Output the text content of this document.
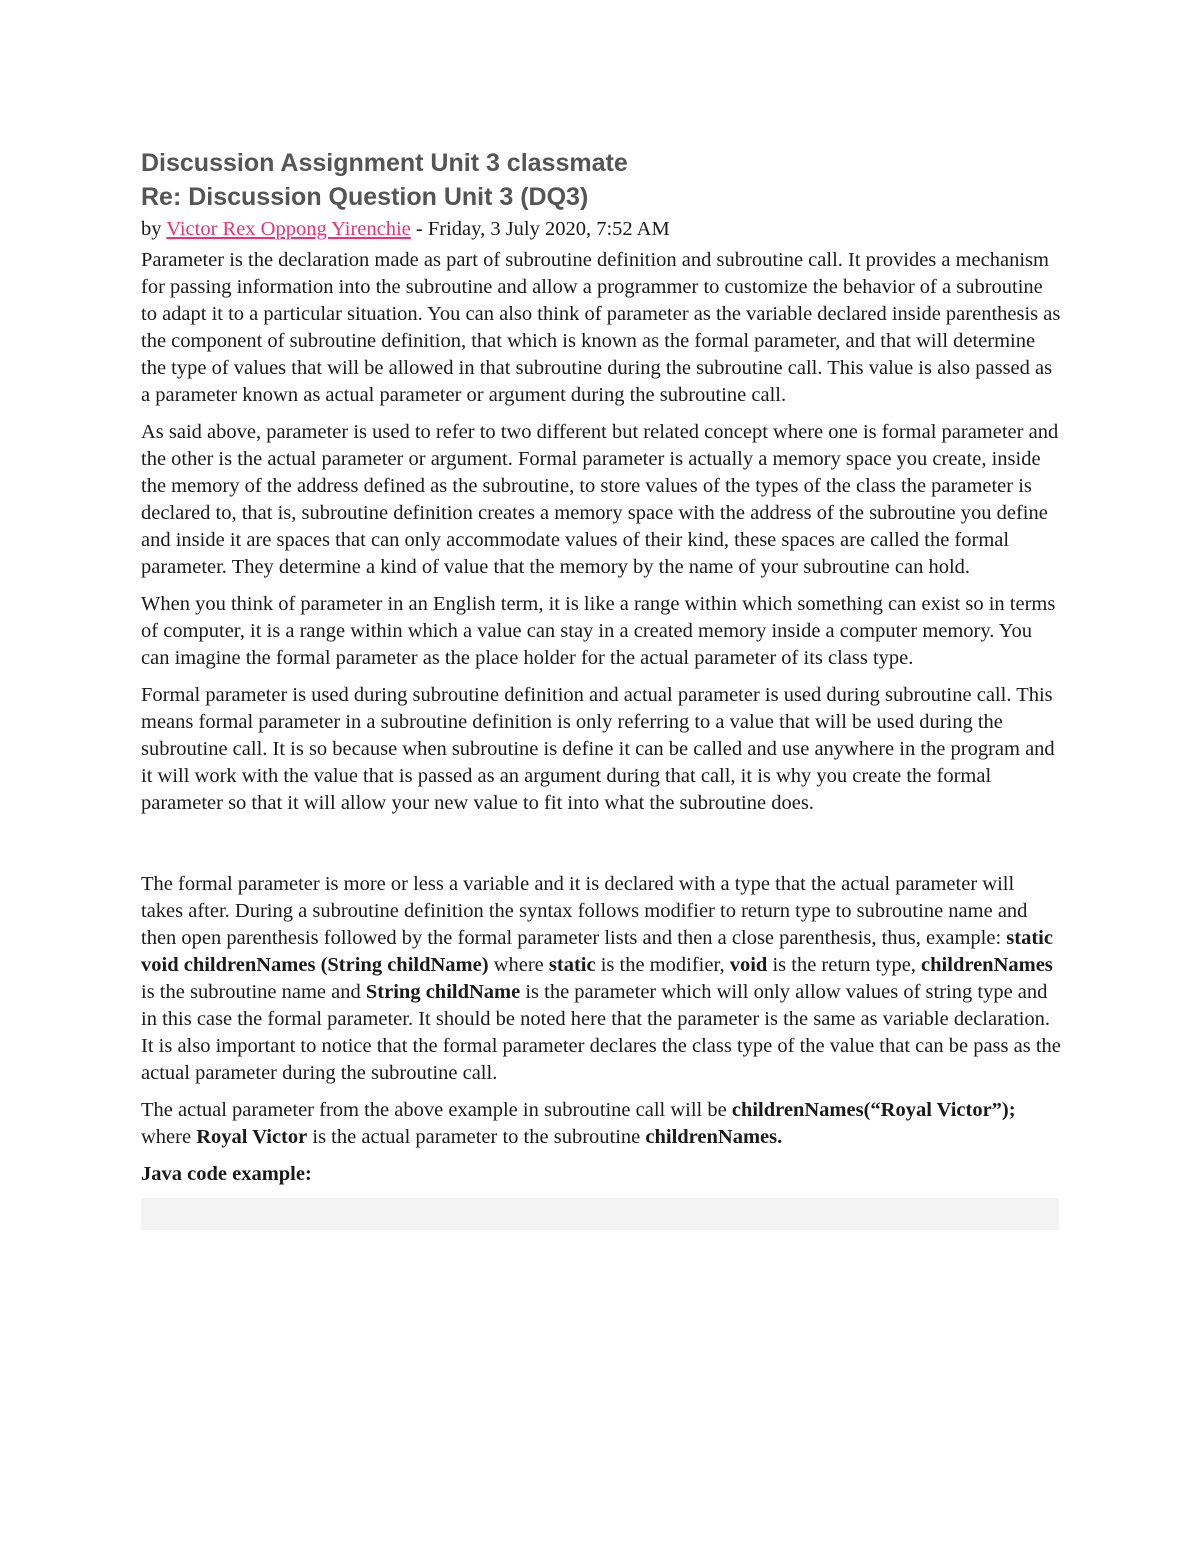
Discussion Assignment Unit 3 classmate
Re: Discussion Question Unit 3 (DQ3)
by Victor Rex Oppong Yirenchie - Friday, 3 July 2020, 7:52 AM

Parameter is the declaration made as part of subroutine definition and subroutine call. It provides a mechanism for passing information into the subroutine and allow a programmer to customize the behavior of a subroutine to adapt it to a particular situation. You can also think of parameter as the variable declared inside parenthesis as the component of subroutine definition, that which is known as the formal parameter, and that will determine the type of values that will be allowed in that subroutine during the subroutine call. This value is also passed as a parameter known as actual parameter or argument during the subroutine call.

As said above, parameter is used to refer to two different but related concept where one is formal parameter and the other is the actual parameter or argument. Formal parameter is actually a memory space you create, inside the memory of the address defined as the subroutine, to store values of the types of the class the parameter is declared to, that is, subroutine definition creates a memory space with the address of the subroutine you define and inside it are spaces that can only accommodate values of their kind, these spaces are called the formal parameter. They determine a kind of value that the memory by the name of your subroutine can hold.

When you think of parameter in an English term, it is like a range within which something can exist so in terms of computer, it is a range within which a value can stay in a created memory inside a computer memory. You can imagine the formal parameter as the place holder for the actual parameter of its class type.

Formal parameter is used during subroutine definition and actual parameter is used during subroutine call. This means formal parameter in a subroutine definition is only referring to a value that will be used during the subroutine call. It is so because when subroutine is define it can be called and use anywhere in the program and it will work with the value that is passed as an argument during that call, it is why you create the formal parameter so that it will allow your new value to fit into what the subroutine does.

The formal parameter is more or less a variable and it is declared with a type that the actual parameter will takes after. During a subroutine definition the syntax follows modifier to return type to subroutine name and then open parenthesis followed by the formal parameter lists and then a close parenthesis, thus, example: static void childrenNames (String childName) where static is the modifier, void is the return type, childrenNames is the subroutine name and String childName is the parameter which will only allow values of string type and in this case the formal parameter. It should be noted here that the parameter is the same as variable declaration. It is also important to notice that the formal parameter declares the class type of the value that can be pass as the actual parameter during the subroutine call.

The actual parameter from the above example in subroutine call will be childrenNames(“Royal Victor”); where Royal Victor is the actual parameter to the subroutine childrenNames.

Java code example:
